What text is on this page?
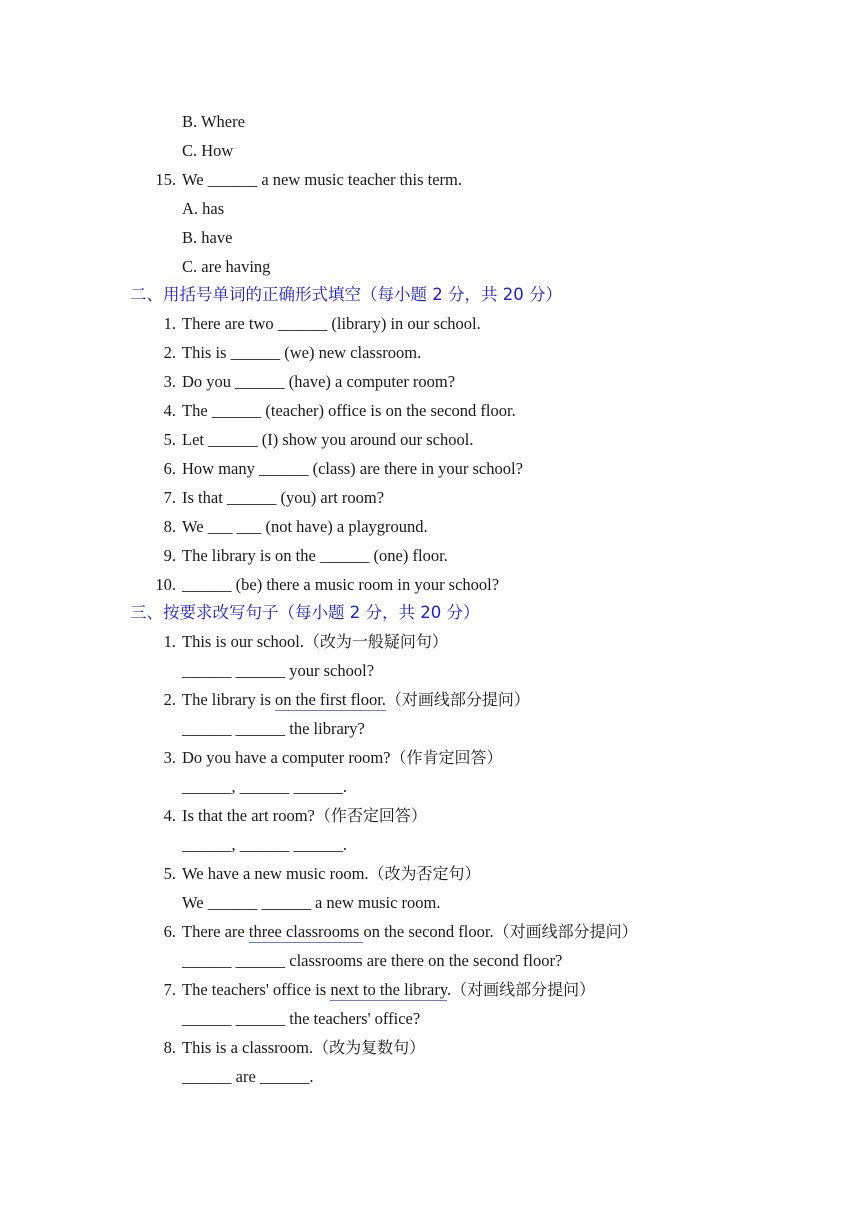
B. Where
C. How
15. We ______ a new music teacher this term.
A. has
B. have
C. are having
二、用括号单词的正确形式填空（每小题 2 分，共 20 分）
1. There are two ______ (library) in our school.
2. This is ______ (we) new classroom.
3. Do you ______ (have) a computer room?
4. The ______ (teacher) office is on the second floor.
5. Let ______ (I) show you around our school.
6. How many ______ (class) are there in your school?
7. Is that ______ (you) art room?
8. We ___ ___ (not have) a playground.
9. The library is on the ______ (one) floor.
10. ______ (be) there a music room in your school?
三、按要求改写句子（每小题 2 分，共 20 分）
1. This is our school.（改为一般疑问句）
______ ______ your school?
2. The library is on the first floor.（对画线部分提问）
______ ______ the library?
3. Do you have a computer room?（作肯定回答）
______, ______ ______.
4. Is that the art room?（作否定回答）
______, ______ ______.
5. We have a new music room.（改为否定句）
We ______ ______ a new music room.
6. There are three classrooms on the second floor.（对画线部分提问）
______ ______ classrooms are there on the second floor?
7. The teachers' office is next to the library.（对画线部分提问）
______ ______ the teachers' office?
8. This is a classroom.（改为复数句）
______ are ______.
